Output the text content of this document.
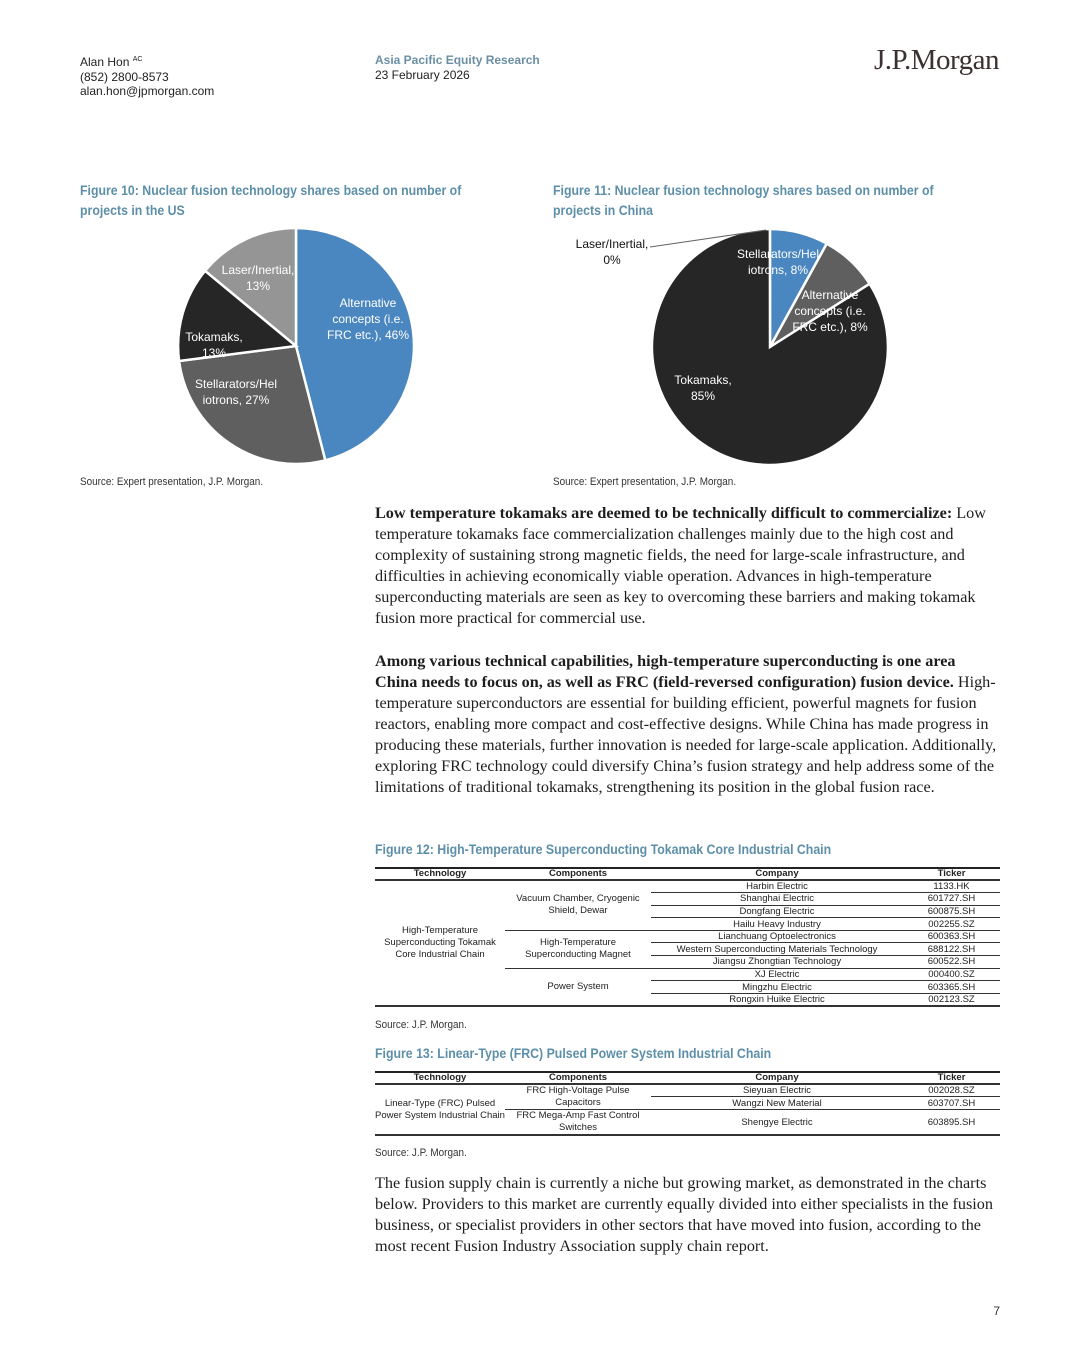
Alan Hon $^{AC}$
(852) 2800-8573
alan.hon@jpmorgan.com
Asia Pacific Equity Research
23 February 2026	J.P.Morgan
Figure 10: Nuclear fusion technology shares based on number of
projects in the US
Alternative
concepts (i.e.
FRC etc.), 46%
Stellarators/Hel
iotrons, 27%
Tokamaks,
13%
Laser/Inertial,
13%
Source: Expert presentation, J.P. Morgan.
Figure 11: Nuclear fusion technology shares based on number of
projects in China
Laser/Inertial,
0%	Stellarators/Hel
iotrons, 8%
Alternative
concepts (i.e.
FRC etc.), 8%
Tokamaks,
85%
Source: Expert presentation, J.P. Morgan.
Low temperature tokamaks are deemed to be technically difficult to commercialize: Low temperature tokamaks face commercialization challenges mainly due to the high cost and complexity of sustaining strong magnetic fields, the need for large-scale infrastructure, and difficulties in achieving economically viable operation. Advances in high-temperature superconducting materials are seen as key to overcoming these barriers and making tokamak fusion more practical for commercial use.
Among various technical capabilities, high-temperature superconducting is one area China needs to focus on, as well as FRC (field-reversed configuration) fusion device. High-temperature superconductors are essential for building efficient, powerful magnets for fusion reactors, enabling more compact and cost-effective designs. While China has made progress in producing these materials, further innovation is needed for large-scale application. Additionally, exploring FRC technology could diversify China’s fusion strategy and help address some of the limitations of traditional tokamaks, strengthening its position in the global fusion race.
Figure 12: High-Temperature Superconducting Tokamak Core Industrial Chain
Technology	Components	Company	Ticker
High-Temperature Superconducting Tokamak Core Industrial Chain	Vacuum Chamber, Cryogenic Shield, Dewar	Harbin Electric	1133.HK
		Shanghai Electric	601727.SH
		Dongfang Electric	600875.SH
		Hailu Heavy Industry	002255.SZ
	High-Temperature Superconducting Magnet	Lianchuang Optoelectronics	600363.SH
		Western Superconducting Materials Technology	688122.SH
		Jiangsu Zhongtian Technology	600522.SH
	Power System	XJ Electric	000400.SZ
		Mingzhu Electric	603365.SH
		Rongxin Huike Electric	002123.SZ
Source: J.P. Morgan.
Figure 13: Linear-Type (FRC) Pulsed Power System Industrial Chain
Technology	Components	Company	Ticker
Linear-Type (FRC) Pulsed Power System Industrial Chain	FRC High-Voltage Pulse Capacitors	Sieyuan Electric	002028.SZ
		Wangzi New Material	603707.SH
	FRC Mega-Amp Fast Control Switches	Shengye Electric	603895.SH
Source: J.P. Morgan.
The fusion supply chain is currently a niche but growing market, as demonstrated in the charts below. Providers to this market are currently equally divided into either specialists in the fusion business, or specialist providers in other sectors that have moved into fusion, according to the most recent Fusion Industry Association supply chain report.
7
